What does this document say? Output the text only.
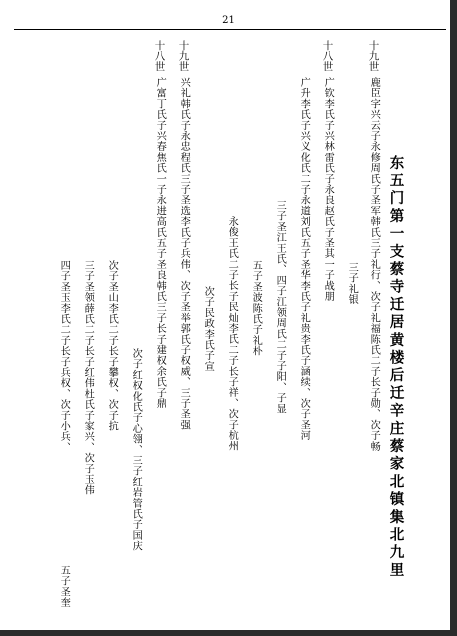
21
东五门第一支蔡寺迁居黄楼后迁辛庄蔡家北镇集北九里
十九世
鹿臣字兴云子永修周氏子圣军韩氏三子礼行、次子礼福陈氏二子长子勋、次子畅
三子礼银
十八世
广钦李氏子兴林雷氏子永良赵氏子圣其一子战朋
广升李氏子兴义化氏二子永道刘氏五子圣华李氏子礼贵李氏子涵续、次子圣河
三子圣江王氏、四子江领周氏二子子阳、子显
五子圣波陈氏子礼朴
永俊王氏二子长子民灿李氏二子长子祥、次子杭州
次子民政李氏子宣
十九世
兴礼韩氏子永忠程氏三子圣选李氏子兵伟、次子圣举郭氏子权威、三子圣强
十八世
广富丁氏子兴春焦氏一子永进高氏五子圣良韩氏三子长子建权余氏子鼎
次子红权化氏子心翎、三子红岩管氏子国庆
次子圣山李氏二子长子攀权、次子抗
三子圣领薛氏二子长子红伟杜氏子家兴、次子玉伟
四子圣玉李氏二子长子兵权、次子小兵、
五子圣奎
